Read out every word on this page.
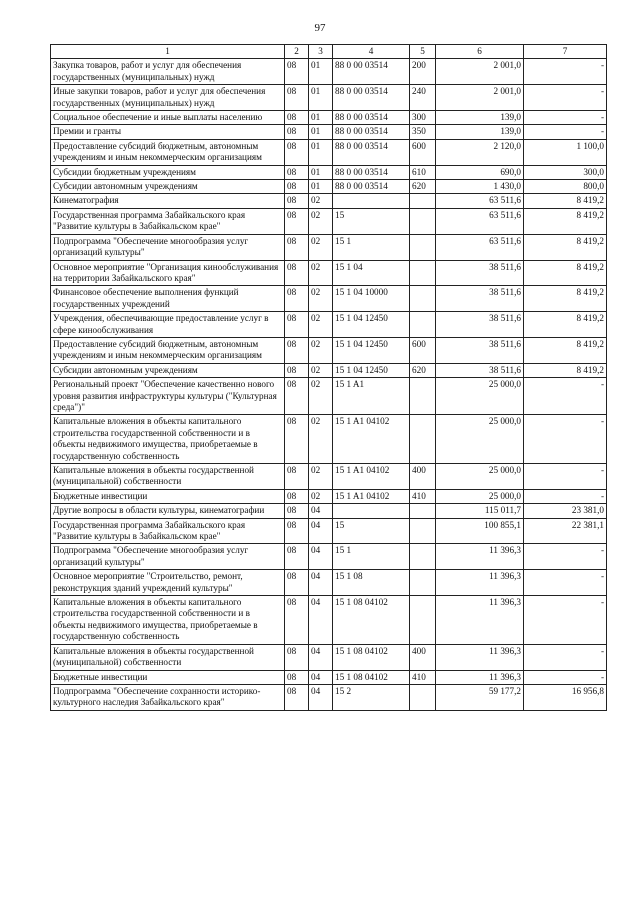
97
1	2	3	4	5	6	7
Закупка товаров, работ и услуг для обеспечения государственных (муниципальных) нужд	08	01	88 0 00 03514	200	2 001,0	-
Иные закупки товаров, работ и услуг для обеспечения государственных (муниципальных) нужд	08	01	88 0 00 03514	240	2 001,0	-
Социальное обеспечение и иные выплаты населению	08	01	88 0 00 03514	300	139,0	-
Премии и гранты	08	01	88 0 00 03514	350	139,0	-
Предоставление субсидий бюджетным, автономным учреждениям и иным некоммерческим организациям	08	01	88 0 00 03514	600	2 120,0	1 100,0
Субсидии бюджетным учреждениям	08	01	88 0 00 03514	610	690,0	300,0
Субсидии автономным учреждениям	08	01	88 0 00 03514	620	1 430,0	800,0
Кинематография	08	02			63 511,6	8 419,2
Государственная программа Забайкальского края "Развитие культуры в Забайкальском крае"	08	02	15		63 511,6	8 419,2
Подпрограмма "Обеспечение многообразия услуг организаций культуры"	08	02	15 1		63 511,6	8 419,2
Основное мероприятие "Организация кинообслуживания на территории Забайкальского края"	08	02	15 1 04		38 511,6	8 419,2
Финансовое обеспечение выполнения функций государственных учреждений	08	02	15 1 04 10000		38 511,6	8 419,2
Учреждения, обеспечивающие предоставление услуг в сфере кинообслуживания	08	02	15 1 04 12450		38 511,6	8 419,2
Предоставление субсидий бюджетным, автономным учреждениям и иным некоммерческим организациям	08	02	15 1 04 12450	600	38 511,6	8 419,2
Субсидии автономным учреждениям	08	02	15 1 04 12450	620	38 511,6	8 419,2
Региональный проект "Обеспечение качественно нового уровня развития инфраструктуры культуры ("Культурная среда")"	08	02	15 1 A1		25 000,0	-
Капитальные вложения в объекты капитального строительства государственной собственности и в объекты недвижимого имущества, приобретаемые в государственную собственность	08	02	15 1 A1 04102		25 000,0	-
Капитальные вложения в объекты государственной (муниципальной) собственности	08	02	15 1 A1 04102	400	25 000,0	-
Бюджетные инвестиции	08	02	15 1 A1 04102	410	25 000,0	-
Другие вопросы в области культуры, кинематографии	08	04			115 011,7	23 381,0
Государственная программа Забайкальского края "Развитие культуры в Забайкальском крае"	08	04	15		100 855,1	22 381,1
Подпрограмма "Обеспечение многообразия услуг организаций культуры"	08	04	15 1		11 396,3	-
Основное мероприятие "Строительство, ремонт, реконструкция зданий учреждений культуры"	08	04	15 1 08		11 396,3	-
Капитальные вложения в объекты капитального строительства государственной собственности и в объекты недвижимого имущества, приобретаемые в государственную собственность	08	04	15 1 08 04102		11 396,3	-
Капитальные вложения в объекты государственной (муниципальной) собственности	08	04	15 1 08 04102	400	11 396,3	-
Бюджетные инвестиции	08	04	15 1 08 04102	410	11 396,3	-
Подпрограмма "Обеспечение сохранности историко-культурного наследия Забайкальского края"	08	04	15 2		59 177,2	16 956,8
